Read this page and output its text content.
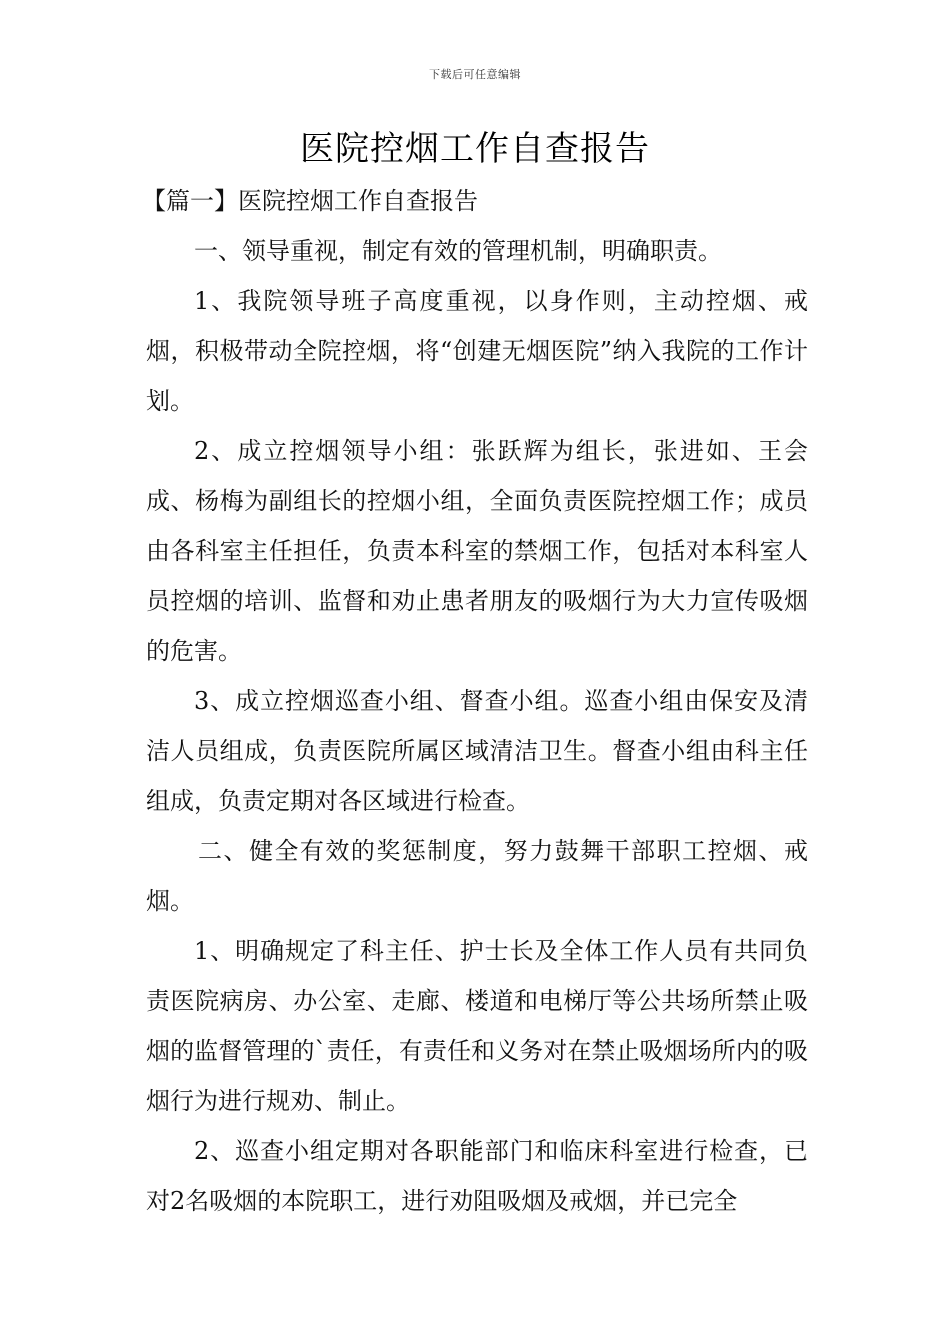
下载后可任意编辑
医院控烟工作自查报告

【篇一】医院控烟工作自查报告

一、领导重视，制定有效的管理机制，明确职责。

1、我院领导班子高度重视，以身作则，主动控烟、戒烟，积极带动全院控烟，将“创建无烟医院”纳入我院的工作计划。

2、成立控烟领导小组：张跃辉为组长，张进如、王会成、杨梅为副组长的控烟小组，全面负责医院控烟工作；成员由各科室主任担任，负责本科室的禁烟工作，包括对本科室人员控烟的培训、监督和劝止患者朋友的吸烟行为大力宣传吸烟的危害。

3、成立控烟巡查小组、督查小组。巡查小组由保安及清洁人员组成，负责医院所属区域清洁卫生。督查小组由科主任组成，负责定期对各区域进行检查。

二、健全有效的奖惩制度，努力鼓舞干部职工控烟、戒烟。

1、明确规定了科主任、护士长及全体工作人员有共同负责医院病房、办公室、走廊、楼道和电梯厅等公共场所禁止吸烟的监督管理的`责任，有责任和义务对在禁止吸烟场所内的吸烟行为进行规劝、制止。

2、巡查小组定期对各职能部门和临床科室进行检查，已对2名吸烟的本院职工，进行劝阻吸烟及戒烟，并已完全
